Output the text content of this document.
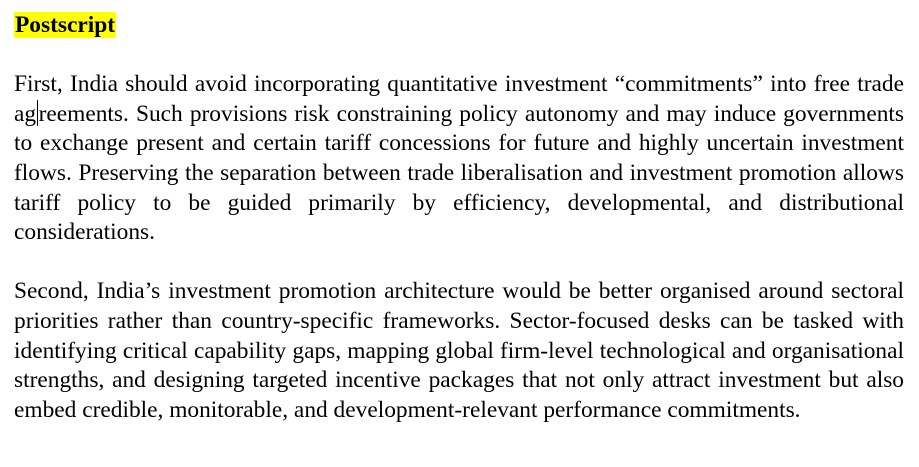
Postscript

First, India should avoid incorporating quantitative investment “commitments” into free trade ag reements. Such provisions risk constraining policy autonomy and may induce governments to exchange present and certain tariff concessions for future and highly uncertain investment flows. Preserving the separation between trade liberalisation and investment promotion allows tariff policy to be guided primarily by efficiency, developmental, and distributional considerations.

Second, India’s investment promotion architecture would be better organised around sectoral priorities rather than country-specific frameworks. Sector-focused desks can be tasked with identifying critical capability gaps, mapping global firm-level technological and organisational strengths, and designing targeted incentive packages that not only attract investment but also embed credible, monitorable, and development-relevant performance commitments.
